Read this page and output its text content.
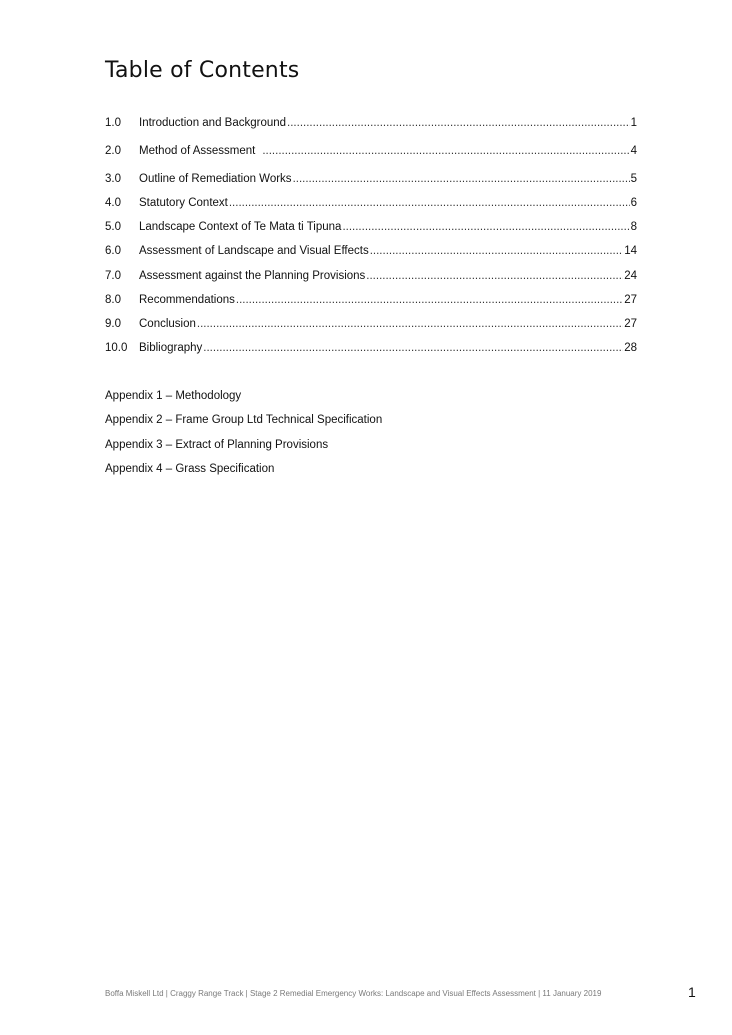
Table of Contents
1.0	Introduction and Background .....	1
2.0	Method of Assessment .....	4
3.0	Outline of Remediation Works .....	5
4.0	Statutory Context .....	6
5.0	Landscape Context of Te Mata ti Tipuna .....	8
6.0	Assessment of Landscape and Visual Effects .....	14
7.0	Assessment against the Planning Provisions .....	24
8.0	Recommendations .....	27
9.0	Conclusion .....	27
10.0	Bibliography .....	28
Appendix 1 – Methodology
Appendix 2 – Frame Group Ltd Technical Specification
Appendix 3 – Extract of Planning Provisions
Appendix 4 – Grass Specification
Boffa Miskell Ltd | Craggy Range Track | Stage 2 Remedial Emergency Works: Landscape and Visual Effects Assessment | 11 January 2019	1
